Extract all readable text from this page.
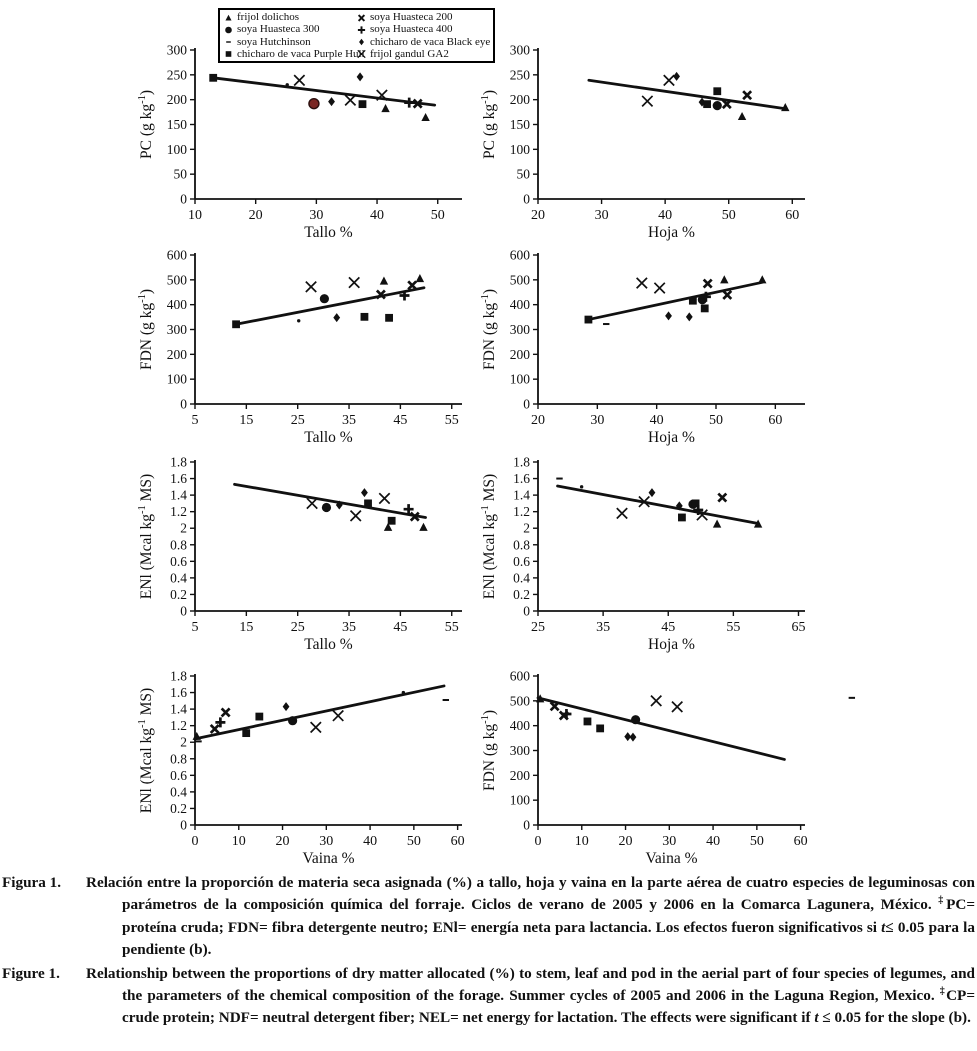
0
50
100
150
200
250
300
10	20	30	40	50
Tallo %
PC (g $kg^{-1}$)
0
50
100
150
200
250
300
20	30	40	50	60
Hoja %
PC (g $kg^{-1}$)
0
100
200
300
400
500
600
5	15	25	35	45	55
Tallo %
FDN (g $kg^{-1}$)
0
100
200
300
400
500
600
20	30	40	50	60
Hoja %
FDN (g $kg^{-1}$)
0
0.2
0.4
0.6
0.8
2
1.2
1.4
1.6
1.8
5	15	25	35	45	55
Tallo %
ENl (Mcal $kg^{-1}$ MS)
0
0.2
0.4
0.6
0.8
2
1.2
1.4
1.6
1.8
25	35	45	55	65
Hoja %
ENl (Mcal $kg^{-1}$ MS)
0
0.2
0.4
0.6
0.8
2
1.2
1.4
1.6
1.8
0 10 20 30 40 50 60
Vaina %
ENl (Mcal $kg^{-1}$ MS)
0
100
200
300
400
500
600
0 10 20 30 40 50 60
Vaina %
FDN (g $kg^{-1}$)
frijol dolichos
soya Huasteca 300
soya Hutchinson
chicharo de vaca Purple Hull
soya Huasteca 200
soya Huasteca 400
chicharo de vaca Black eye
frijol gandul GA2

Figura 1. Relación entre la proporción de materia seca asignada (%) a tallo, hoja y vaina en la parte aérea de cuatro especies de leguminosas con parámetros de la composición química del forraje. Ciclos de verano de 2005 y 2006 en la Comarca Lagunera, México. ‡PC= proteína cruda; FDN= fibra detergente neutro; ENl= energía neta para lactancia. Los efectos fueron significativos si t≤ 0.05 para la pendiente (b).

Figure 1. Relationship between the proportions of dry matter allocated (%) to stem, leaf and pod in the aerial part of four species of legumes, and the parameters of the chemical composition of the forage. Summer cycles of 2005 and 2006 in the Laguna Region, Mexico. ‡CP= crude protein; NDF= neutral detergent fiber; NEL= net energy for lactation. The effects were significant if t ≤ 0.05 for the slope (b).
